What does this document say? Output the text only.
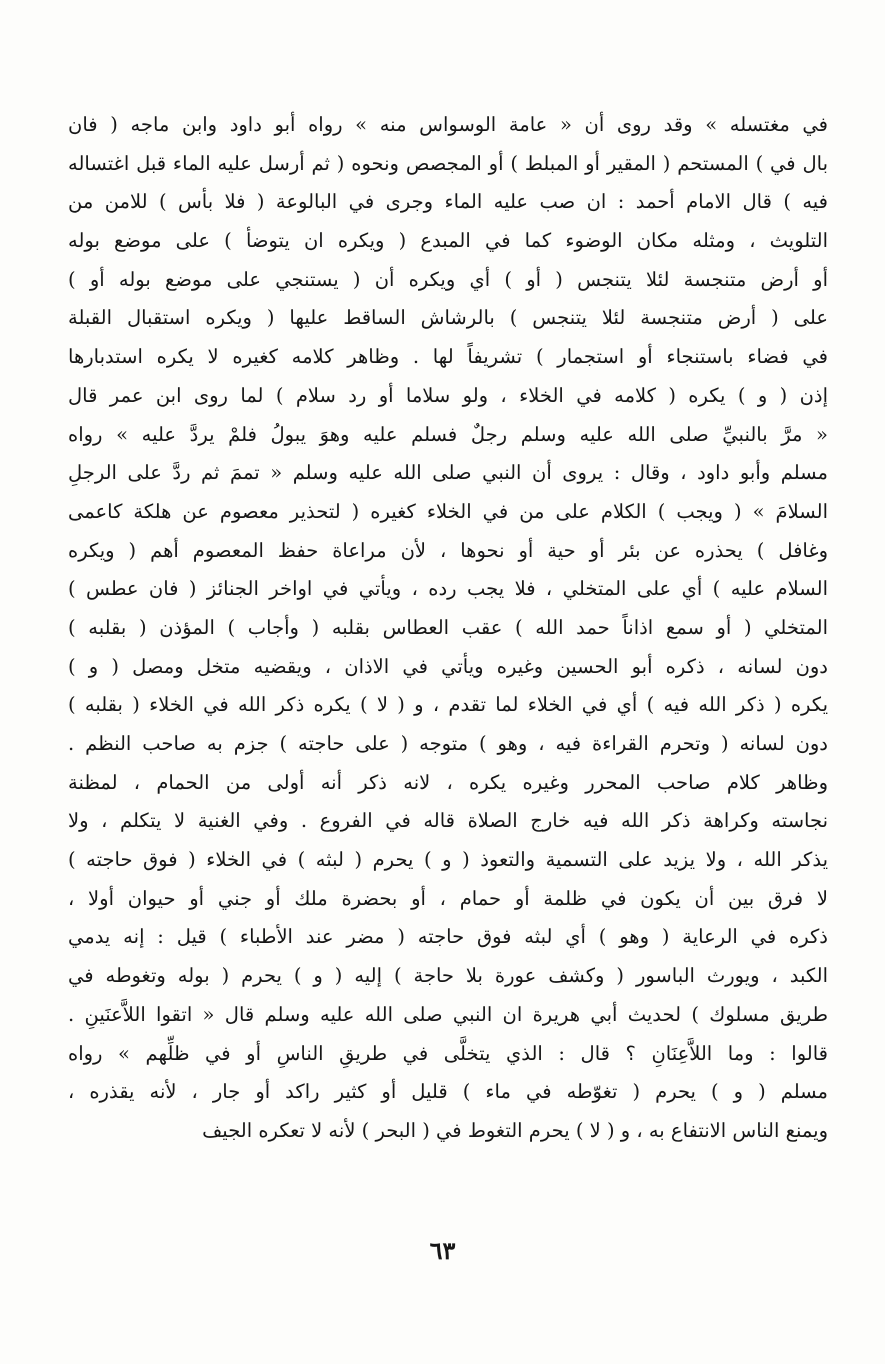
في مغتسله » وقد روى أن « عامة الوسواس منه » رواه أبو داود وابن ماجه ( فان
بال في ) المستحم ( المقير أو المبلط ) أو المجصص ونحوه ( ثم أرسل عليه الماء قبل اغتساله
فيه ) قال الامام أحمد : ان صب عليه الماء وجرى في البالوعة ( فلا بأس ) للامن من
التلويث ، ومثله مكان الوضوء كما في المبدع ( ويكره ان يتوضأ ) على موضع بوله
أو أرض متنجسة لئلا يتنجس ( أو ) أي ويكره أن ( يستنجي على موضع بوله أو )
على ( أرض متنجسة لئلا يتنجس ) بالرشاش الساقط عليها ( ويكره استقبال القبلة
في فضاء باستنجاء أو استجمار ) تشريفاً لها . وظاهر كلامه كغيره لا يكره استدبارها
إذن ( و ) يكره ( كلامه في الخلاء ، ولو سلاما أو رد سلام ) لما روى ابن عمر قال
« مرَّ بالنبيِّ صلى الله عليه وسلم رجلٌ فسلم عليه وهوَ يبولُ فلمْ يردَّ عليه » رواه
مسلم وأبو داود ، وقال : يروى أن النبي صلى الله عليه وسلم « تممَ ثم ردَّ على الرجلِ
السلامَ » ( ويجب ) الكلام على من في الخلاء كغيره ( لتحذير معصوم عن هلكة كاعمى
وغافل ) يحذره عن بئر أو حية أو نحوها ، لأن مراعاة حفظ المعصوم أهم ( ويكره
السلام عليه ) أي على المتخلي ، فلا يجب رده ، ويأتي في اواخر الجنائز ( فان عطس )
المتخلي ( أو سمع اذاناً حمد الله ) عقب العطاس بقلبه ( وأجاب ) المؤذن ( بقلبه )
دون لسانه ، ذكره أبو الحسين وغيره ويأتي في الاذان ، ويقضيه متخل ومصل ( و )
يكره ( ذكر الله فيه ) أي في الخلاء لما تقدم ، و ( لا ) يكره ذكر الله في الخلاء ( بقلبه )
دون لسانه ( وتحرم القراءة فيه ، وهو ) متوجه ( على حاجته ) جزم به صاحب النظم .
وظاهر كلام صاحب المحرر وغيره يكره ، لانه ذكر أنه أولى من الحمام ، لمظنة
نجاسته وكراهة ذكر الله فيه خارج الصلاة قاله في الفروع . وفي الغنية لا يتكلم ، ولا
يذكر الله ، ولا يزيد على التسمية والتعوذ ( و ) يحرم ( لبثه ) في الخلاء ( فوق حاجته )
لا فرق بين أن يكون في ظلمة أو حمام ، أو بحضرة ملك أو جني أو حيوان أولا ،
ذكره في الرعاية ( وهو ) أي لبثه فوق حاجته ( مضر عند الأطباء ) قيل : إنه يدمي
الكبد ، ويورث الباسور ( وكشف عورة بلا حاجة ) إليه ( و ) يحرم ( بوله وتغوطه في
طريق مسلوك ) لحديث أبي هريرة ان النبي صلى الله عليه وسلم قال « اتقوا اللاَّعنَينِ .
قالوا : وما اللاَّعِنَانِ ؟ قال : الذي يتخلَّى في طريقِ الناسِ أو في ظلِّهم » رواه
مسلم ( و ) يحرم ( تغوّطه في ماء ) قليل أو كثير راكد أو جار ، لأنه يقذره ،
ويمنع الناس الانتفاع به ، و ( لا ) يحرم التغوط في ( البحر ) لأنه لا تعكره الجيف
٦٣
